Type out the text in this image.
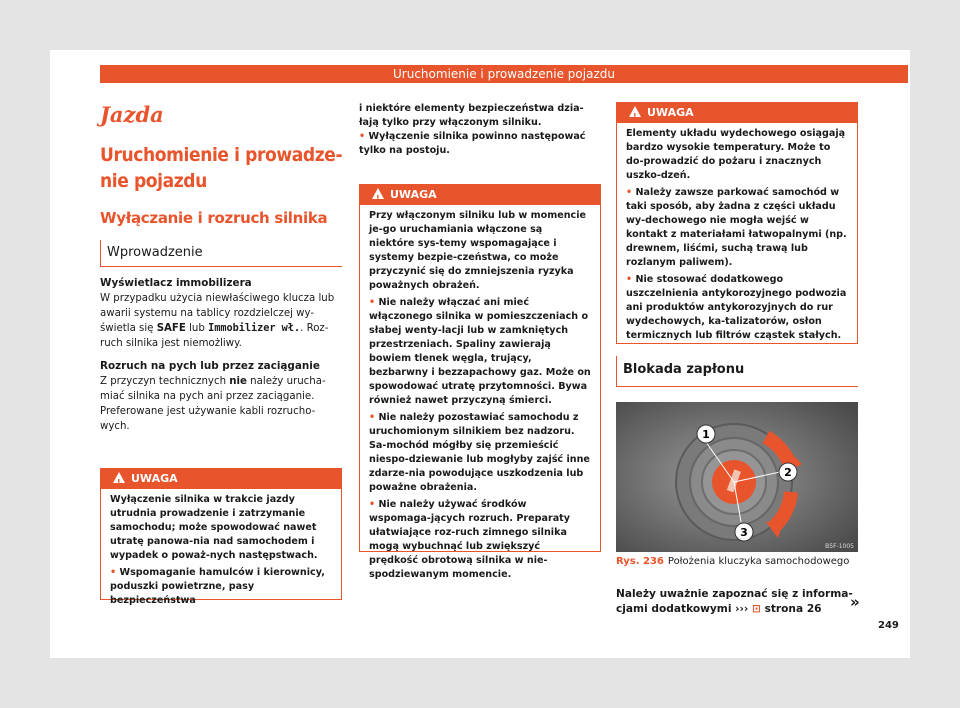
Uruchomienie i prowadzenie pojazdu
Jazda
Uruchomienie i prowadze-nie pojazdu
Wyłączanie i rozruch silnika
Wprowadzenie

Wyświetlacz immobilizera

W przypadku użycia niewłaściwego klucza lub awarii systemu na tablicy rozdzielczej wy-świetla się SAFE lub Immobilizer wł.. Roz-ruch silnika jest niemożliwy.

Rozruch na pych lub przez zaciąganie

Z przyczyn technicznych nie należy urucha-miać silnika na pych ani przez zaciąganie. Preferowane jest używanie kabli rozrucho-wych.

!UWAGA

Wyłączenie silnika w trakcie jazdy utrudnia prowadzenie i zatrzymanie samochodu; może spowodować nawet utratę panowa-nia nad samochodem i wypadek o poważ-nych następstwach.

• Wspomaganie hamulców i kierownicy, poduszki powietrzne, pasy bezpieczeństwa

i niektóre elementy bezpieczeństwa dzia-łają tylko przy włączonym silniku.

• Wyłączenie silnika powinno następować tylko na postoju.

!UWAGA

Przy włączonym silniku lub w momencie je-go uruchamiania włączone są niektóre sys-temy wspomagające i systemy bezpie-czeństwa, co może przyczynić się do zmniejszenia ryzyka poważnych obrażeń.

• Nie należy włączać ani mieć włączonego silnika w pomieszczeniach o słabej wenty-lacji lub w zamkniętych przestrzeniach. Spaliny zawierają bowiem tlenek węgla, trujący, bezbarwny i bezzapachowy gaz. Może on spowodować utratę przytomności. Bywa również nawet przyczyną śmierci.

• Nie należy pozostawiać samochodu z uruchomionym silnikiem bez nadzoru. Sa-mochód mógłby się przemieścić niespo-dziewanie lub mogłyby zajść inne zdarze-nia powodujące uszkodzenia lub poważne obrażenia.

• Nie należy używać środków wspomaga-jących rozruch. Preparaty ułatwiające roz-ruch zimnego silnika mogą wybuchnąć lub zwiększyć prędkość obrotową silnika w nie-spodziewanym momencie.

!UWAGA

Elementy układu wydechowego osiągają bardzo wysokie temperatury. Może to do-prowadzić do pożaru i znacznych uszko-dzeń.

• Należy zawsze parkować samochód w taki sposób, aby żadna z części układu wy-dechowego nie mogła wejść w kontakt z materiałami łatwopalnymi (np. drewnem, liśćmi, suchą trawą lub rozlanym paliwem).

• Nie stosować dodatkowego uszczelnienia antykorozyjnego podwozia ani produktów antykorozyjnych do rur wydechowych, ka-talizatorów, osłon termicznych lub filtrów cząstek stałych.

Blokada zapłonu
1
2
3
B5F-1005
Rys. 236 Położenia kluczyka samochodowego
Należy uważnie zapoznać się z informa-cjami dodatkowymi ››› ⊡ strona 26	»
249
